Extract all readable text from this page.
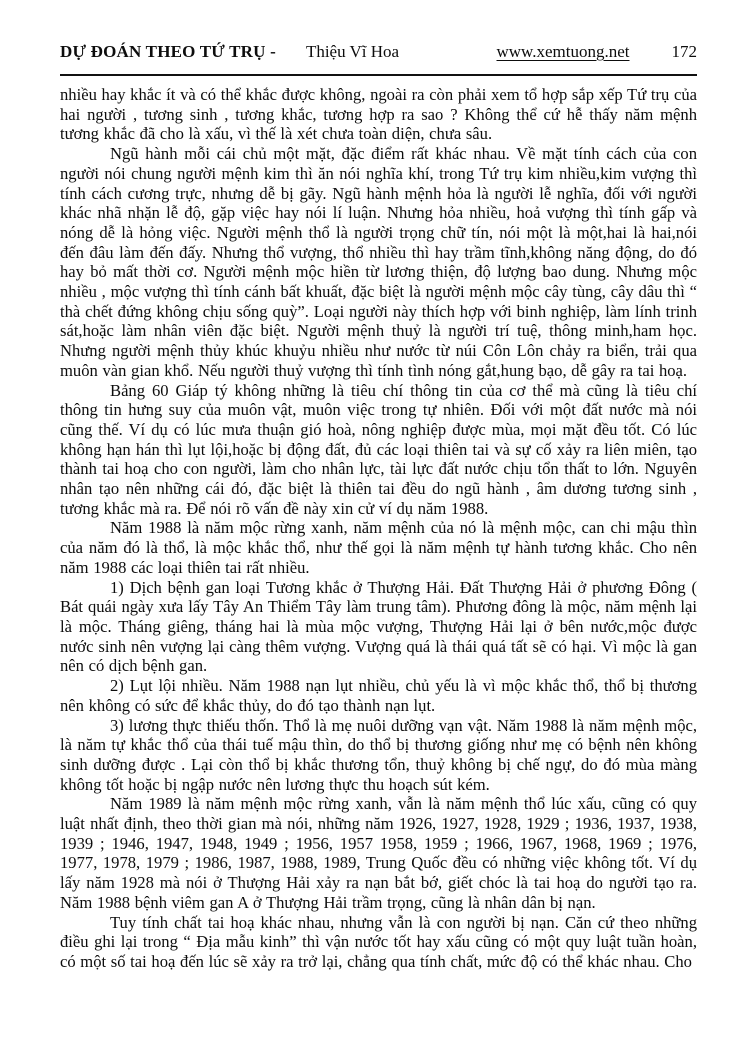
DỰ ĐOÁN THEO TỨ TRỤ - Thiệu Vĩ Hoa	www.xemtuong.net 172

nhiều hay khắc ít và có thể khắc được không, ngoài ra còn phải xem tổ hợp sắp xếp Tứ trụ của hai người , tương sinh , tương khắc, tương hợp ra sao ? Không thể cứ hễ thấy năm mệnh tương khắc đã cho là xấu, vì thế là xét chưa toàn diện, chưa sâu.

Ngũ hành mỗi cái chủ một mặt, đặc điểm rất khác nhau. Về mặt tính cách của con người nói chung người mệnh kim thì ăn nói nghĩa khí, trong Tứ trụ kim nhiều,kim vượng thì tính cách cương trực, nhưng dễ bị gãy. Ngũ hành mệnh hỏa là người lễ nghĩa, đối với người khác nhã nhặn lễ độ, gặp việc hay nói lí luận. Nhưng hỏa nhiều, hoả vượng thì tính gấp và nóng dễ là hỏng việc. Người mệnh thổ là người trọng chữ tín, nói một là một,hai là hai,nói đến đâu làm đến đấy. Nhưng thổ vượng, thổ nhiều thì hay trầm tĩnh,không năng động, do đó hay bỏ mất thời cơ. Người mệnh mộc hiền từ lương thiện, độ lượng bao dung. Nhưng mộc nhiều , mộc vượng thì tính cánh bất khuất, đặc biệt là người mệnh mộc cây tùng, cây dâu thì “ thà chết đứng không chịu sống quỳ”. Loại người này thích hợp với binh nghiệp, làm lính trinh sát,hoặc làm nhân viên đặc biệt. Người mệnh thuỷ là người trí tuệ, thông minh,ham học. Nhưng người mệnh thủy khúc khuỷu nhiều như nước từ núi Côn Lôn chảy ra biển, trải qua muôn vàn gian khổ. Nếu người thuỷ vượng thì tính tình nóng gắt,hung bạo, dễ gây ra tai hoạ.

Bảng 60 Giáp tý không những là tiêu chí thông tin của cơ thể mà cũng là tiêu chí thông tin hưng suy của muôn vật, muôn việc trong tự nhiên. Đối với một đất nước mà nói cũng thế. Ví dụ có lúc mưa thuận gió hoà, nông nghiệp được mùa, mọi mặt đều tốt. Có lúc không hạn hán thì lụt lội,hoặc bị động đất, đủ các loại thiên tai và sự cố xảy ra liên miên, tạo thành tai hoạ cho con người, làm cho nhân lực, tài lực đất nước chịu tổn thất to lớn. Nguyên nhân tạo nên những cái đó, đặc biệt là thiên tai đều do ngũ hành , âm dương tương sinh , tương khắc mà ra. Để nói rõ vấn đề này xin cử ví dụ năm 1988.

Năm 1988 là năm mộc rừng xanh, năm mệnh của nó là mệnh mộc, can chi mậu thìn của năm đó là thổ, là mộc khắc thổ, như thế gọi là năm mệnh tự hành tương khắc. Cho nên năm 1988 các loại thiên tai rất nhiều.

1) Dịch bệnh gan loại Tương khắc ở Thượng Hải. Đất Thượng Hải ở phương Đông ( Bát quái ngày xưa lấy Tây An Thiểm Tây làm trung tâm). Phương đông là mộc, năm mệnh lại là mộc. Tháng giêng, tháng hai là mùa mộc vượng, Thượng Hải lại ở bên nước,mộc được nước sinh nên vượng lại càng thêm vượng. Vượng quá là thái quá tất sẽ có hại. Vì mộc là gan nên có dịch bệnh gan.

2) Lụt lội nhiều. Năm 1988 nạn lụt nhiều, chủ yếu là vì mộc khắc thổ, thổ bị thương nên không có sức để khắc thủy, do đó tạo thành nạn lụt.

3) lương thực thiếu thốn. Thổ là mẹ nuôi dưỡng vạn vật. Năm 1988 là năm mệnh mộc, là năm tự khắc thổ của thái tuế mậu thìn, do thổ bị thương giống như mẹ có bệnh nên không sinh dưỡng được . Lại còn thổ bị khắc thương tổn, thuỷ không bị chế ngự, do đó mùa màng không tốt hoặc bị ngập nước nên lương thực thu hoạch sút kém.

Năm 1989 là năm mệnh mộc rừng xanh, vẫn là năm mệnh thổ lúc xấu, cũng có quy luật nhất định, theo thời gian mà nói, những năm 1926, 1927, 1928, 1929 ; 1936, 1937, 1938, 1939 ; 1946, 1947, 1948, 1949 ; 1956, 1957 1958, 1959 ; 1966, 1967, 1968, 1969 ; 1976, 1977, 1978, 1979 ; 1986, 1987, 1988, 1989, Trung Quốc đều có những việc không tốt. Ví dụ lấy năm 1928 mà nói ở Thượng Hải xảy ra nạn bắt bớ, giết chóc là tai hoạ do người tạo ra. Năm 1988 bệnh viêm gan A ở Thượng Hải trầm trọng, cũng là nhân dân bị nạn.

Tuy tính chất tai hoạ khác nhau, nhưng vẫn là con người bị nạn. Căn cứ theo những điều ghi lại trong “ Địa mẫu kinh” thì vận nước tốt hay xấu cũng có một quy luật tuần hoàn, có một số tai hoạ đến lúc sẽ xảy ra trở lại, chẳng qua tính chất, mức độ có thể khác nhau. Cho
